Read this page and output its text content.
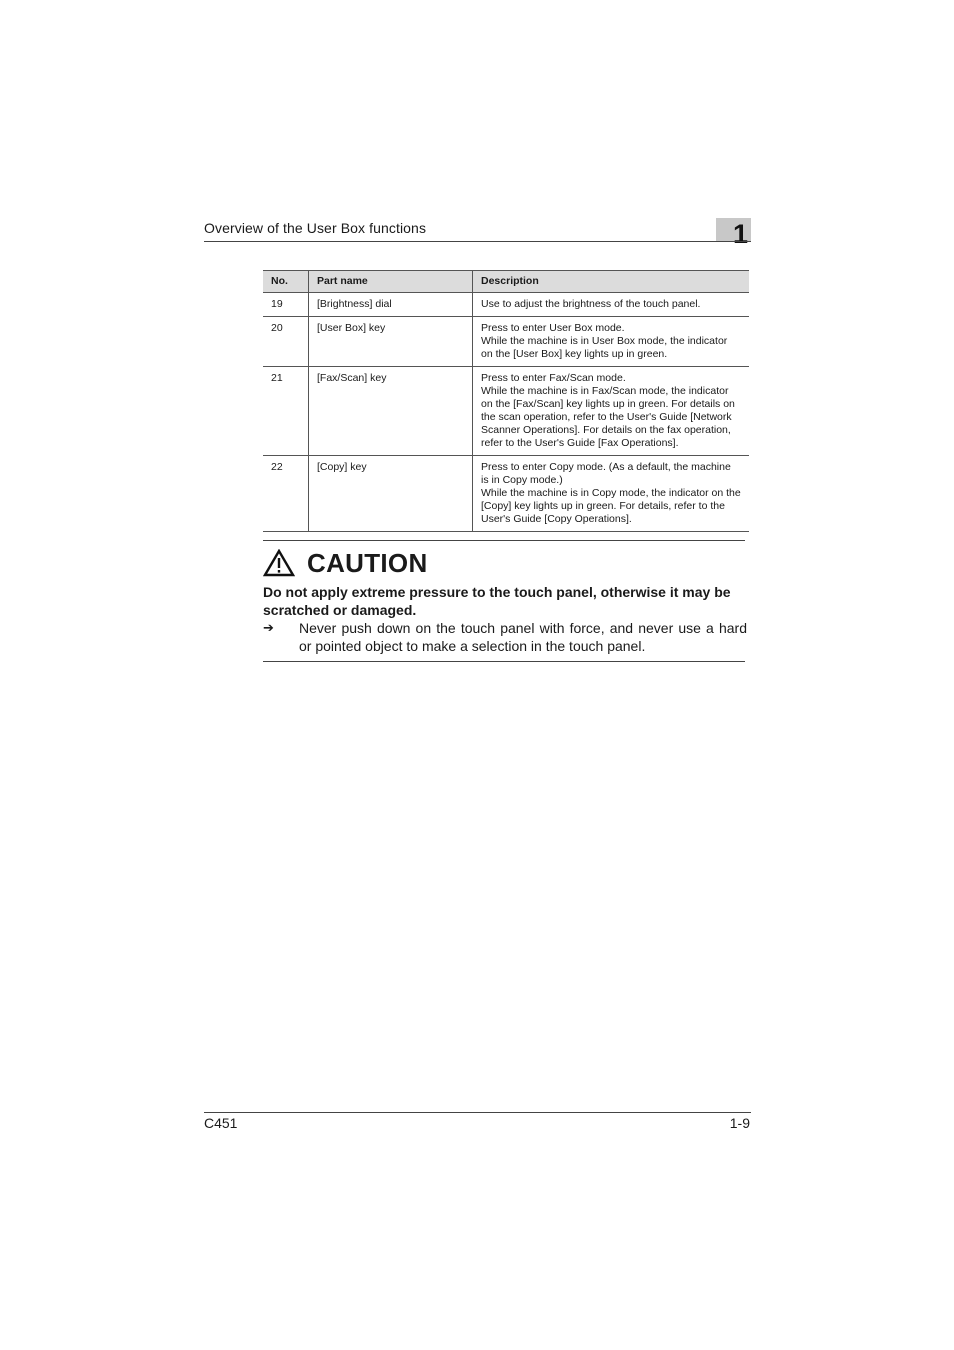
Overview of the User Box functions	1
No.	Part name	Description
19	[Brightness] dial	Use to adjust the brightness of the touch panel.

20	[User Box] key	Press to enter User Box mode.
While the machine is in User Box mode, the indicator on the [User Box] key lights up in green.

21	[Fax/Scan] key	Press to enter Fax/Scan mode.
While the machine is in Fax/Scan mode, the indicator on the [Fax/Scan] key lights up in green. For details on the scan operation, refer to the User's Guide [Network Scanner Operations]. For details on the fax operation, refer to the User's Guide [Fax Operations].

22	[Copy] key	Press to enter Copy mode. (As a default, the machine is in Copy mode.)
While the machine is in Copy mode, the indicator on the [Copy] key lights up in green. For details, refer to the User's Guide [Copy Operations].
CAUTION
Do not apply extreme pressure to the touch panel, otherwise it may be scratched or damaged.
➔ Never push down on the touch panel with force, and never use a hard or pointed object to make a selection in the touch panel.
C451	1-9
